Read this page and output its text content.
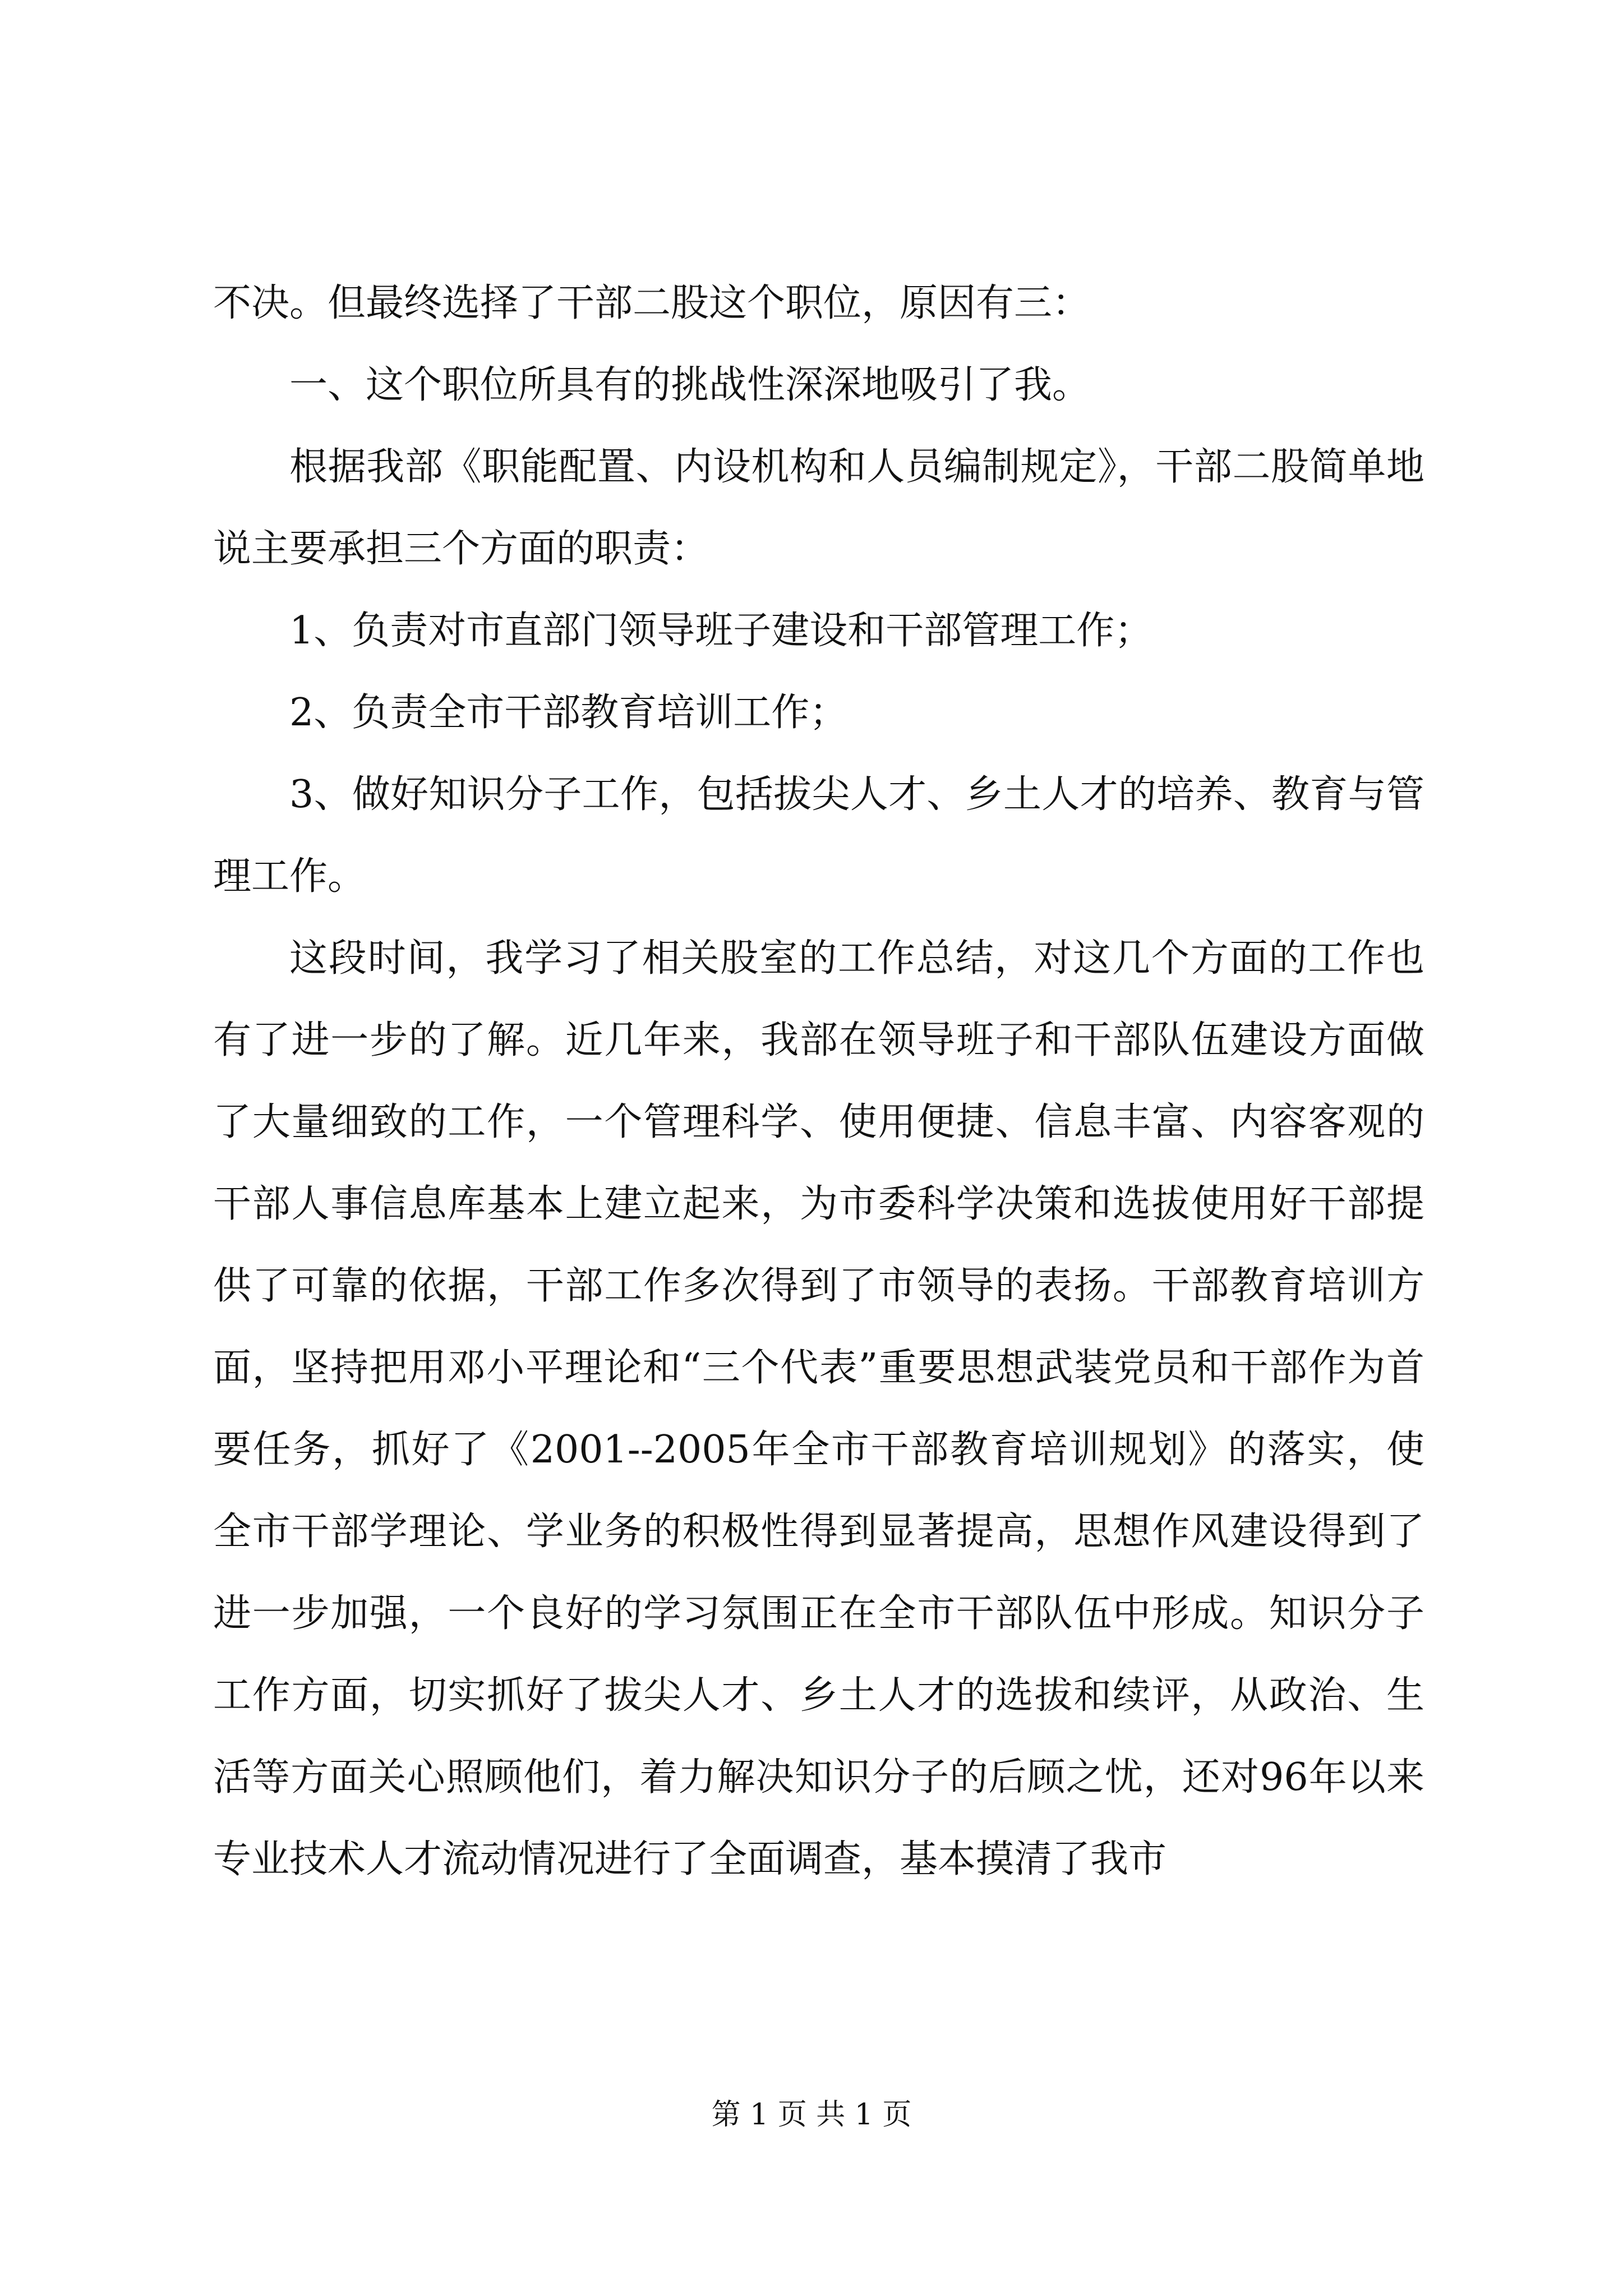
不决。但最终选择了干部二股这个职位，原因有三：

一、这个职位所具有的挑战性深深地吸引了我。

根据我部《职能配置、内设机构和人员编制规定》，干部二股简单地说主要承担三个方面的职责：

1、负责对市直部门领导班子建设和干部管理工作；

2、负责全市干部教育培训工作；

3、做好知识分子工作，包括拔尖人才、乡土人才的培养、教育与管理工作。

这段时间，我学习了相关股室的工作总结，对这几个方面的工作也有了进一步的了解。近几年来，我部在领导班子和干部队伍建设方面做了大量细致的工作，一个管理科学、使用便捷、信息丰富、内容客观的干部人事信息库基本上建立起来，为市委科学决策和选拔使用好干部提供了可靠的依据，干部工作多次得到了市领导的表扬。干部教育培训方面，坚持把用邓小平理论和“三个代表”重要思想武装党员和干部作为首要任务，抓好了《2001--2005年全市干部教育培训规划》的落实，使全市干部学理论、学业务的积极性得到显著提高，思想作风建设得到了进一步加强，一个良好的学习氛围正在全市干部队伍中形成。知识分子工作方面，切实抓好了拔尖人才、乡土人才的选拔和续评，从政治、生活等方面关心照顾他们，着力解决知识分子的后顾之忧，还对96年以来专业技术人才流动情况进行了全面调查，基本摸清了我市

第 1 页 共 1 页
